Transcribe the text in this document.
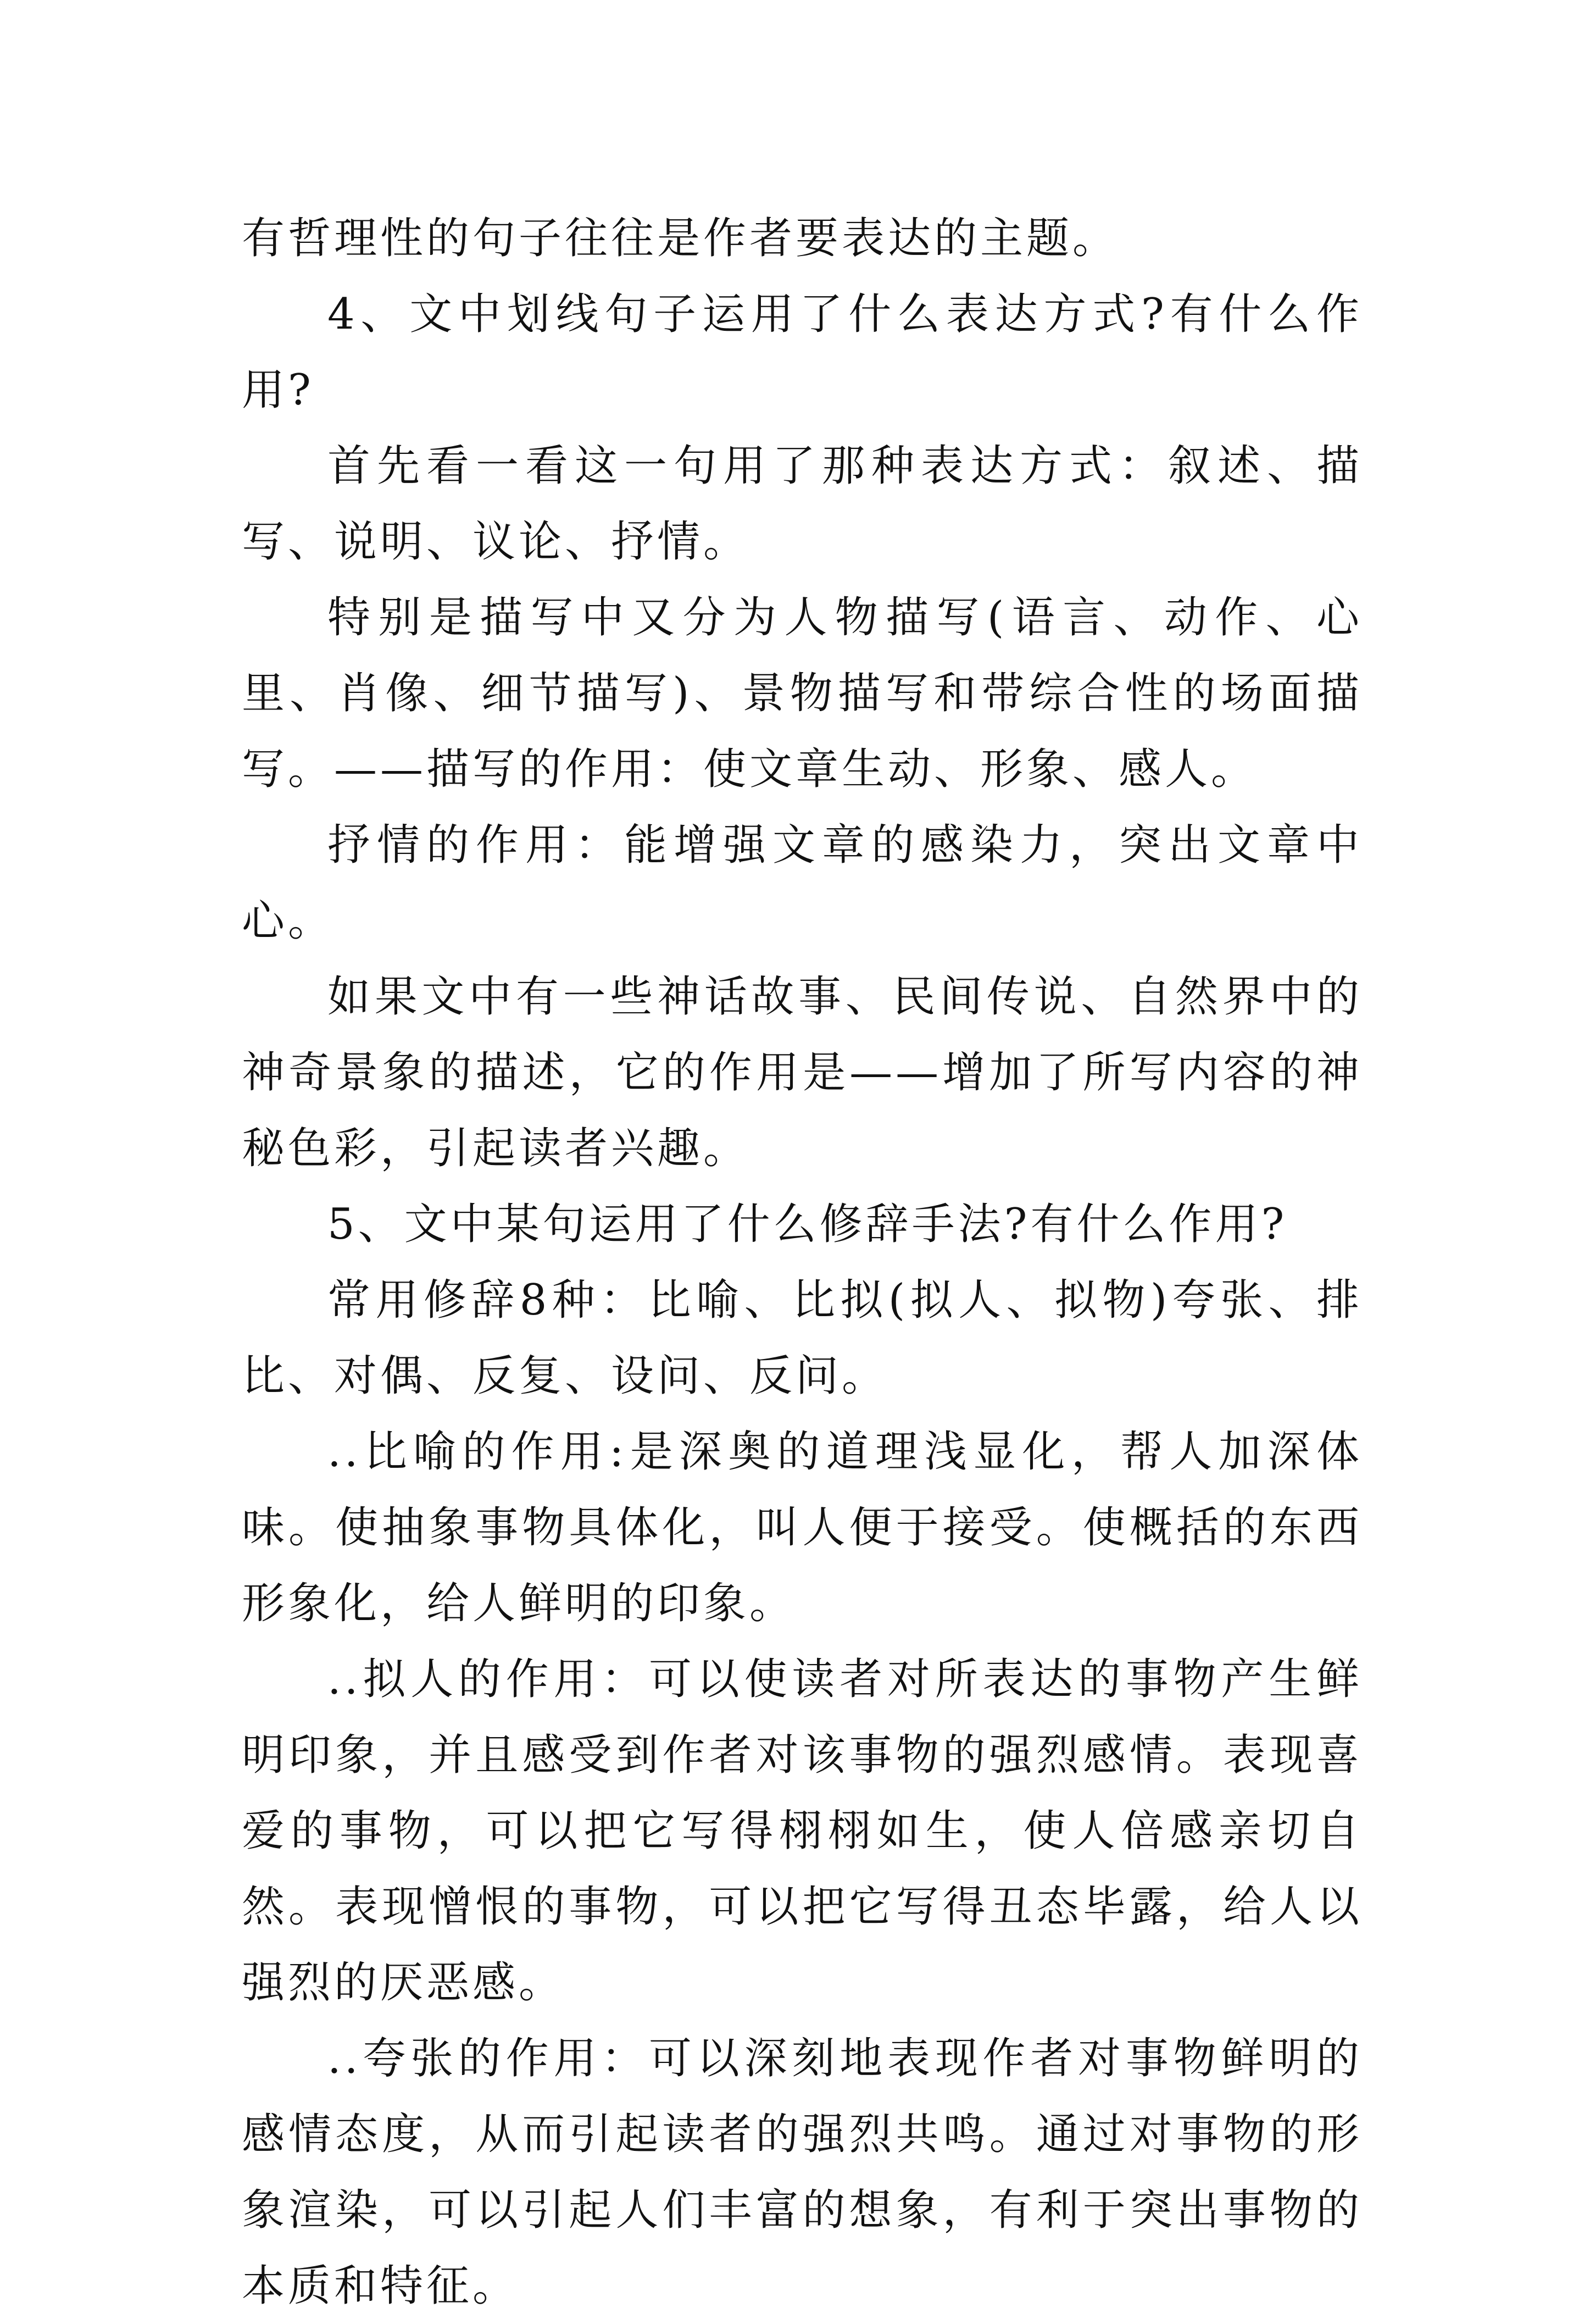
有哲理性的句子往往是作者要表达的主题。

4、文中划线句子运用了什么表达方式?有什么作用?

首先看一看这一句用了那种表达方式：叙述、描写、说明、议论、抒情。

特别是描写中又分为人物描写(语言、动作、心里、肖像、细节描写)、景物描写和带综合性的场面描写。——描写的作用：使文章生动、形象、感人。

抒情的作用：能增强文章的感染力，突出文章中心。

如果文中有一些神话故事、民间传说、自然界中的神奇景象的描述，它的作用是——增加了所写内容的神秘色彩，引起读者兴趣。

5、文中某句运用了什么修辞手法?有什么作用?

常用修辞8种：比喻、比拟(拟人、拟物)夸张、排比、对偶、反复、设问、反问。

..比喻的作用:是深奥的道理浅显化，帮人加深体味。使抽象事物具体化，叫人便于接受。使概括的东西形象化，给人鲜明的印象。

..拟人的作用：可以使读者对所表达的事物产生鲜明印象，并且感受到作者对该事物的强烈感情。表现喜爱的事物，可以把它写得栩栩如生，使人倍感亲切自然。表现憎恨的事物，可以把它写得丑态毕露，给人以强烈的厌恶感。

..夸张的作用：可以深刻地表现作者对事物鲜明的感情态度，从而引起读者的强烈共鸣。通过对事物的形象渲染，可以引起人们丰富的想象，有利于突出事物的本质和特征。
